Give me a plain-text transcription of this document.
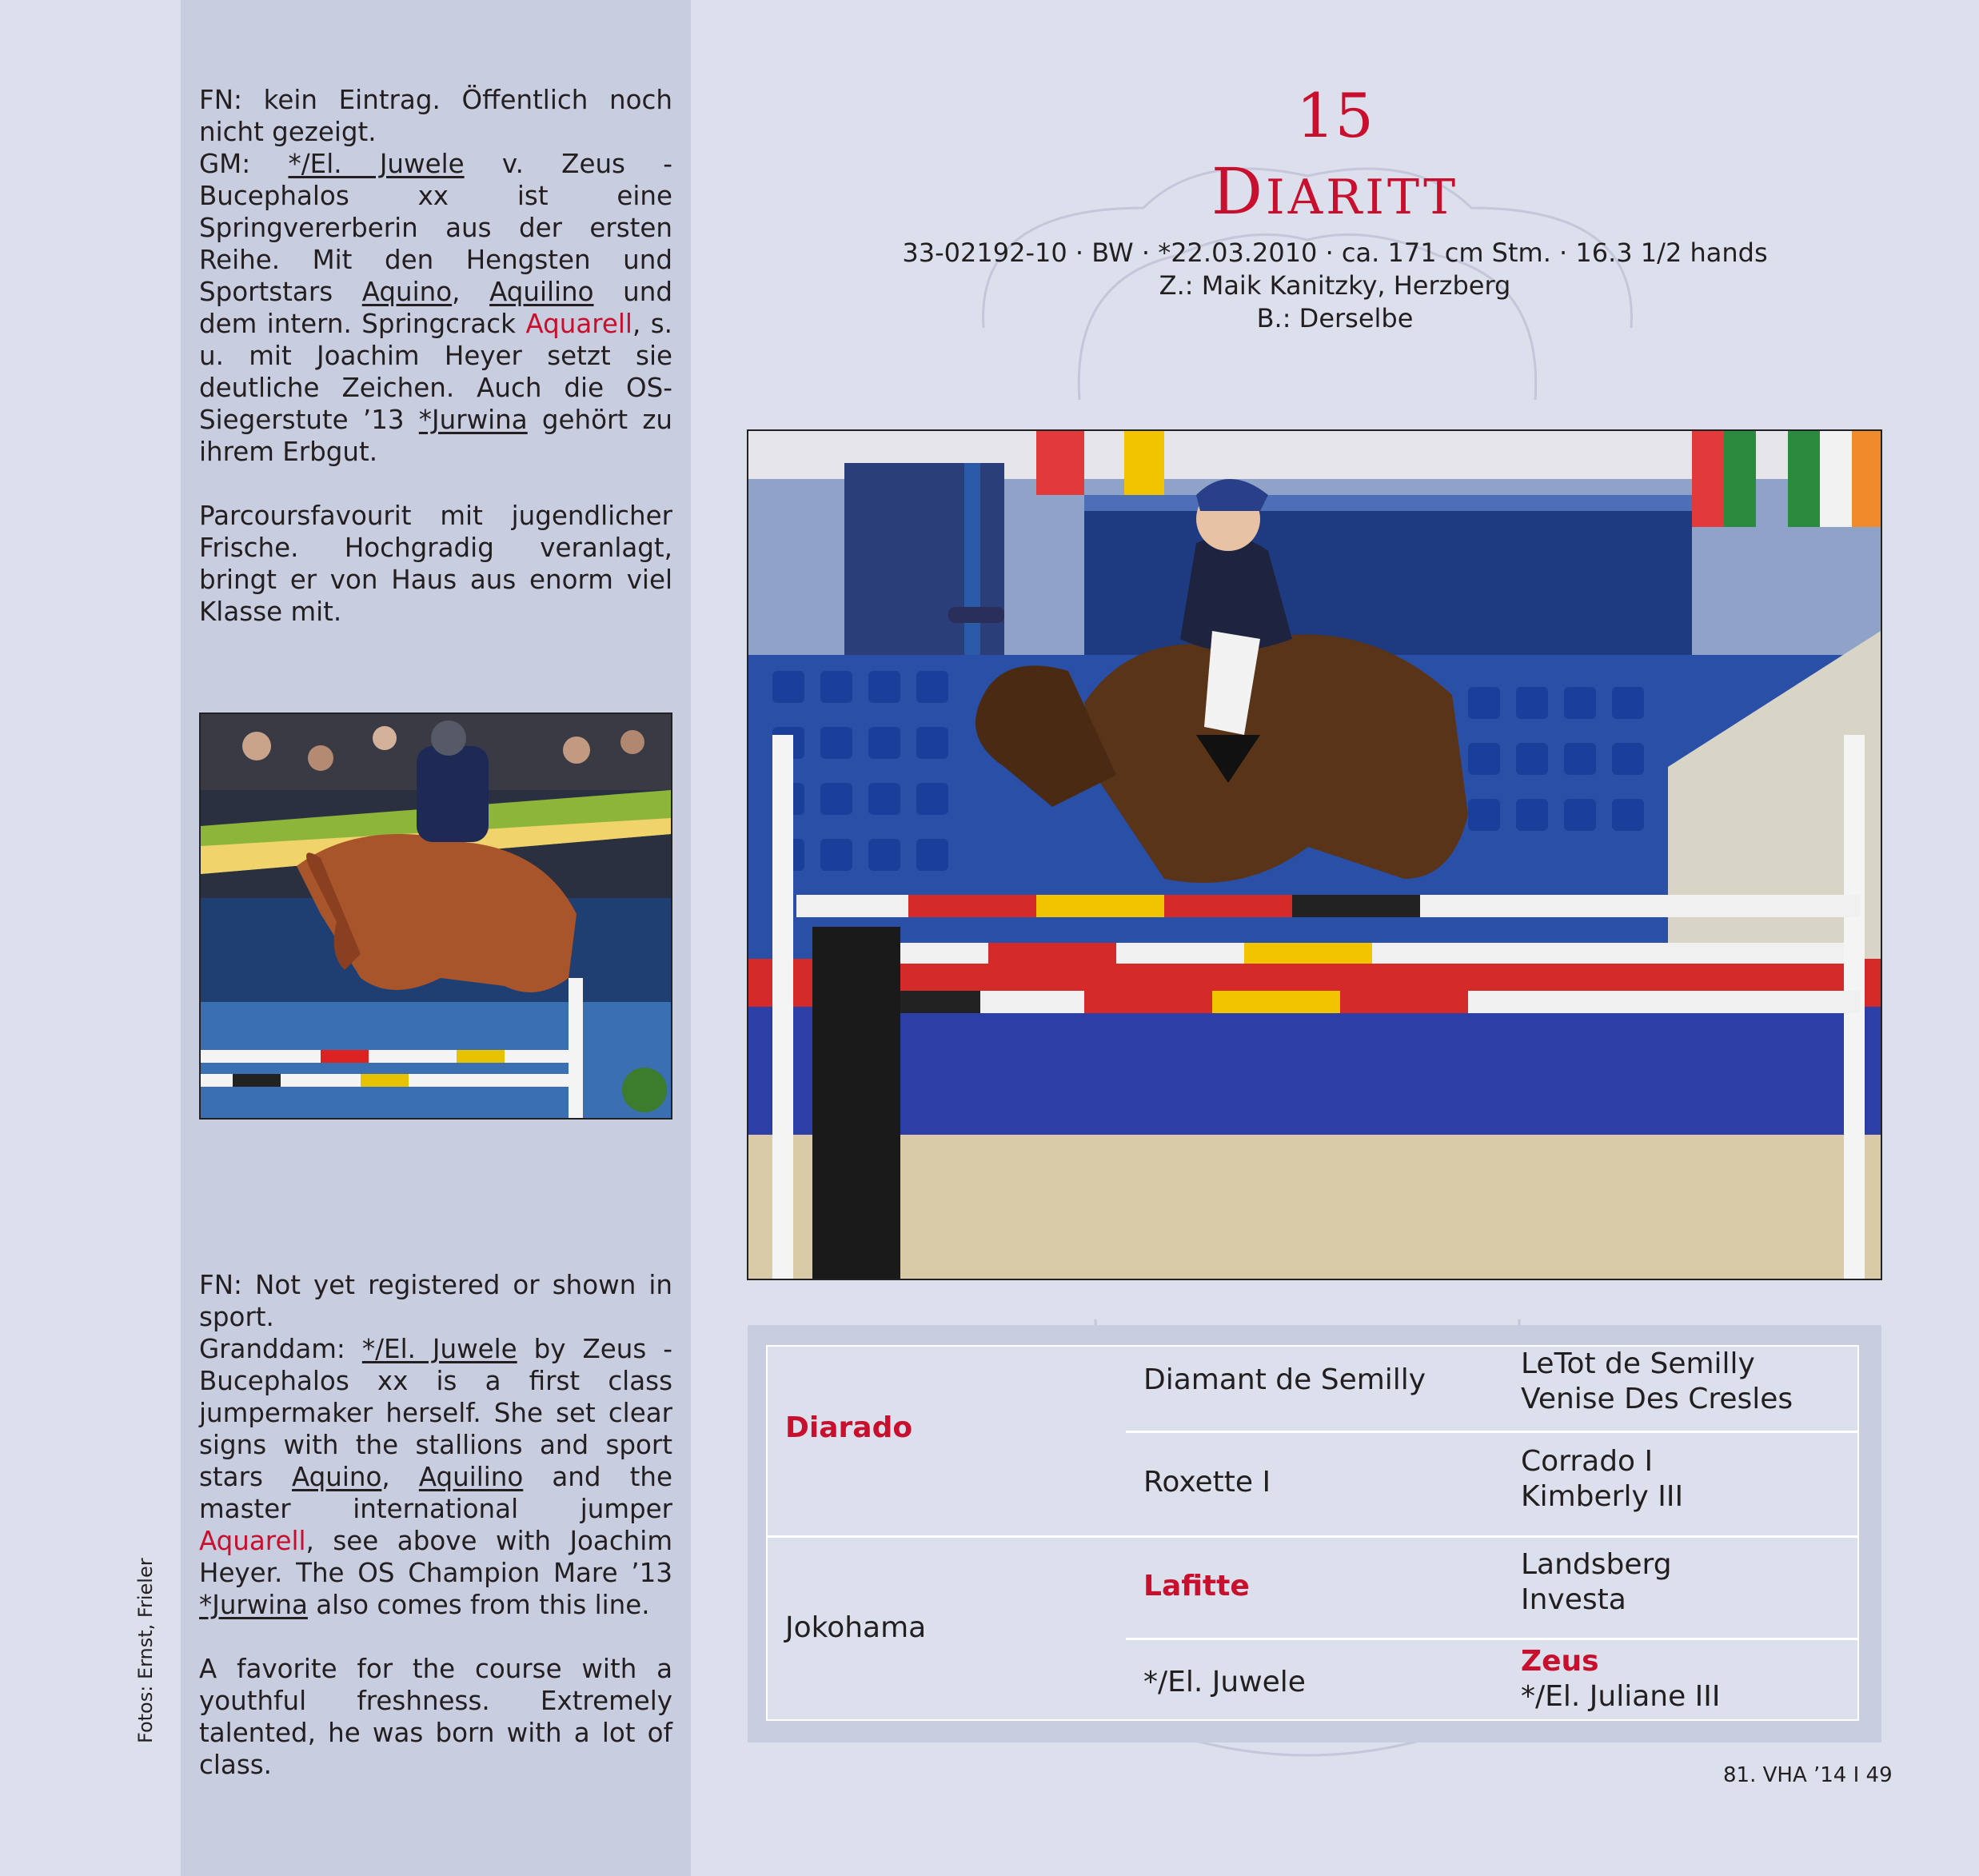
Fotos: Ernst, Frieler

FN: kein Eintrag. Öffentlich noch nicht gezeigt.
GM: */El. Juwele v. Zeus - Bucephalos xx ist eine Springvererberin aus der ersten Reihe. Mit den Hengsten und Sportstars Aquino, Aquilino und dem intern. Springcrack Aquarell, s. u. mit Joachim Heyer setzt sie deutliche Zeichen. Auch die OS-Siegerstute ’13 *Jurwina gehört zu ihrem Erbgut.

Parcoursfavourit mit jugendlicher Frische. Hochgradig veranlagt, bringt er von Haus aus enorm viel Klasse mit.

FN: Not yet registered or shown in sport.
Granddam: */El. Juwele by Zeus - Bucephalos xx is a first class jumpermaker herself. She set clear signs with the stallions and sport stars Aquino, Aquilino and the master international jumper Aquarell, see above with Joachim Heyer. The OS Champion Mare ’13 *Jurwina also comes from this line.

A favorite for the course with a youthful freshness. Extremely talented, he was born with a lot of class.

15
DIARITT
33-02192-10 · BW · *22.03.2010 · ca. 171 cm Stm. · 16.3 1/2 hands
Z.: Maik Kanitzky, Herzberg
B.: Derselbe
Diarado
Jokohama
Diamant de Semilly
Roxette I
Lafitte
*/El. Juwele
LeTot de Semilly
Venise Des Cresles
Corrado I
Kimberly III
Landsberg
Investa
Zeus
*/El. Juliane III
81. VHA ’14 I 49
